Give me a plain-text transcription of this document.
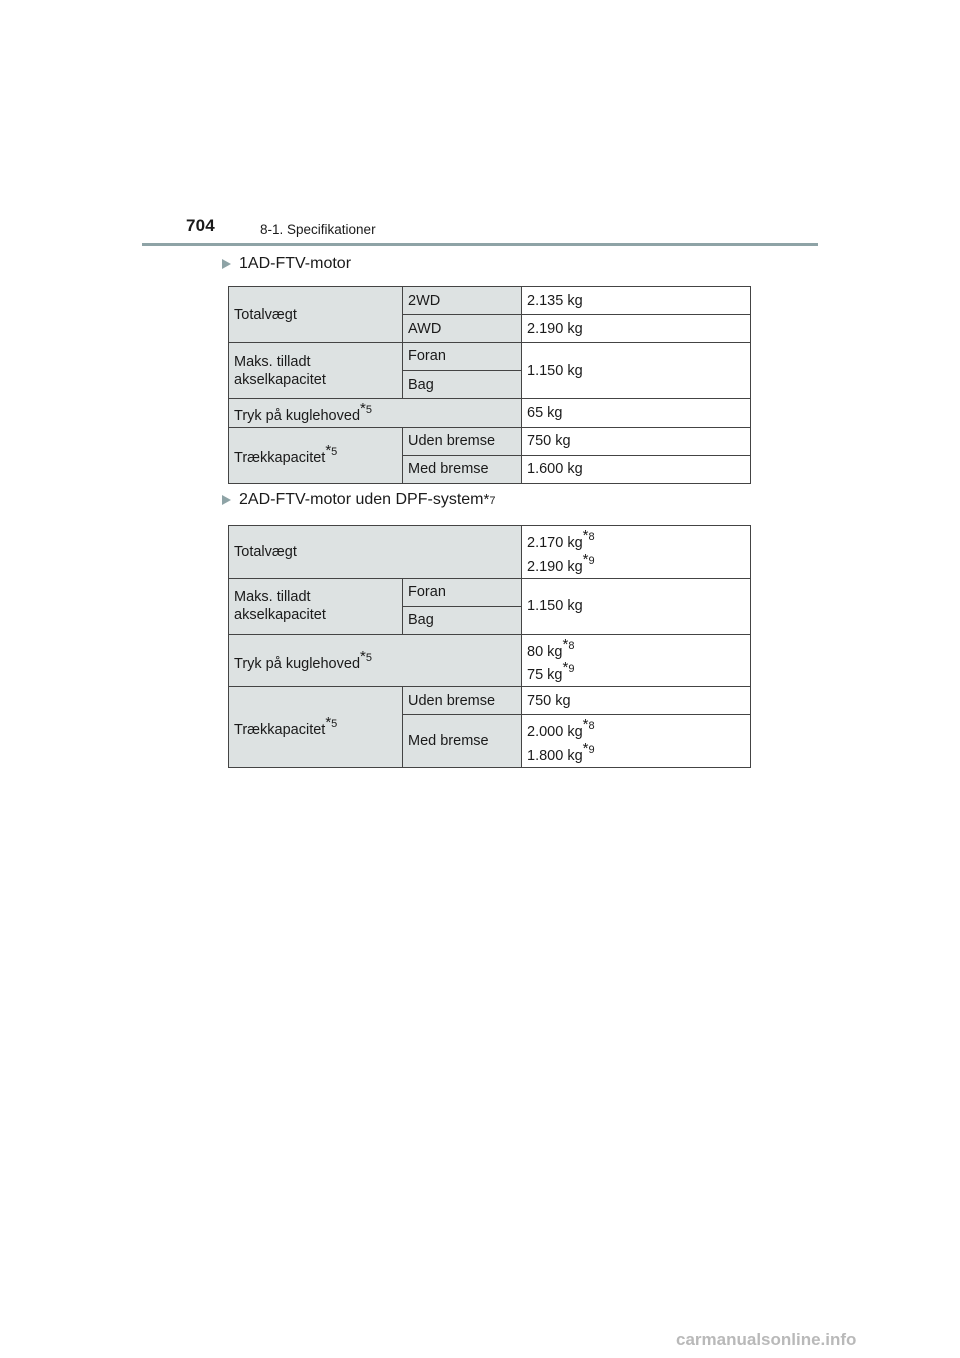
704	8-1. Specifikationer
1AD-FTV-motor
Totalvægt	2WD	2.135 kg
	AWD	2.190 kg

Maks. tilladt
akselkapacitet	Foran	1.150 kg
	Bag	
Tryk på kuglehoved$^{*5}$		65 kg
Trækkapacitet$^{*5}$	Uden bremse	750 kg
	Med bremse	1.600 kg
2AD-FTV-motor uden DPF-system $^{*7}$
Totalvægt		2.170 $kg^{*8}$
2.190 $kg^{*9}$

Maks. tilladt
akselkapacitet	Foran	1.150 kg
	Bag	
Tryk på kuglehoved$^{*5}$		80 $kg^{*8}$
75 $kg^{*9}$

Trækkapacitet$^{*5}$	Uden bremse	750 kg
	Med bremse	2.000 $kg^{*8}$
1.800 $kg^{*9}$
carmanualsonline.info
